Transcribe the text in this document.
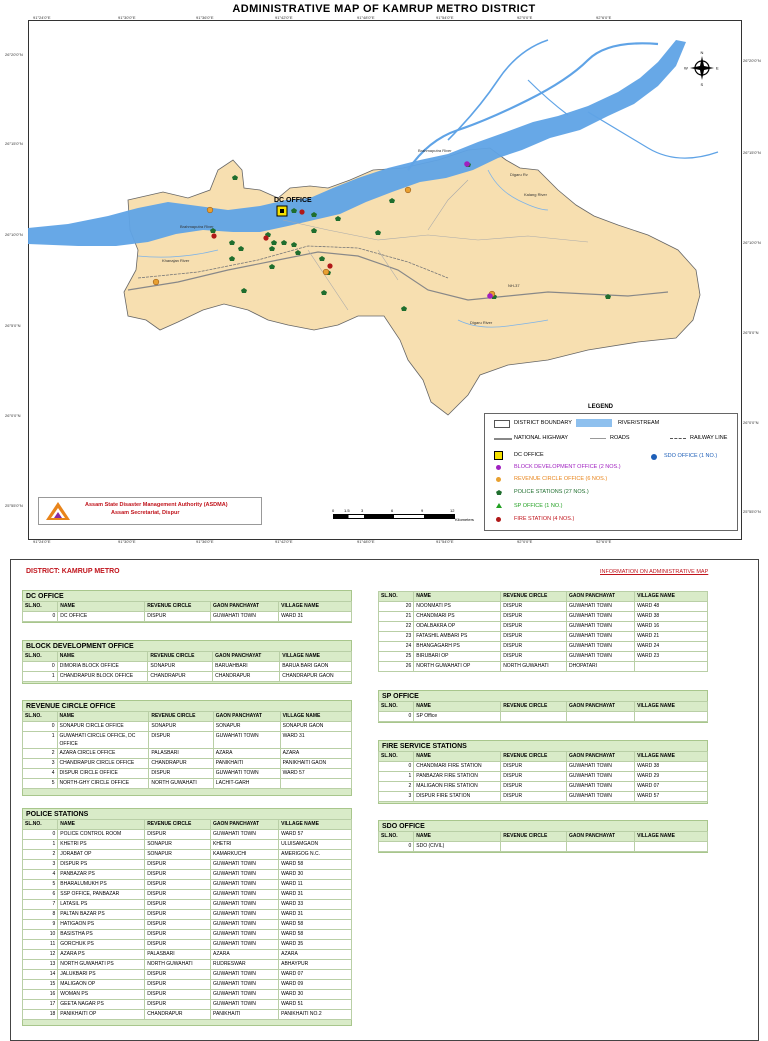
ADMINISTRATIVE MAP OF KAMRUP METRO DISTRICT
91°24'0"E	91°30'0"E	91°36'0"E	91°42'0"E	91°48'0"E	91°54'0"E	92°0'0"E	92°6'0"E
91°24'0"E	91°30'0"E	91°36'0"E	91°42'0"E	91°48'0"E	91°54'0"E	92°0'0"E	92°6'0"E
26°20'0"N
26°15'0"N
26°10'0"N
26°5'0"N
26°0'0"N
25°55'0"N
26°20'0"N
26°15'0"N
26°10'0"N
26°5'0"N
26°0'0"N
25°55'0"N
Brahmaputra River
Brahmaputra River
Digaru Rv
Kalang River
Khanajan River
Digaru River
NH-37
DC OFFICE
N
E
S
W
LEGEND
DISTRICT BOUNDARY	RIVER/STREAM
NATIONAL HIGHWAY	ROADS	RAILWAY LINE
DC OFFICE	SDO OFFICE (1 NO.)
BLOCK DEVELOPMENT OFFICE (2 NOS.)
REVENUE CIRCLE OFFICE (6 NOS.)
POLICE STATIONS (27 NOS.)
SP OFFICE (1 NO.)
FIRE STATION (4 NOS.)
Assam State Disaster Management Authority (ASDMA)
Assam Secretariat, Dispur	0 1.5	3	6	9	12
Kilometers
DISTRICT: KAMRUP METRO	INFORMATION ON ADMINISTRATIVE MAP
DC OFFICE
SL.NO.	NAME	REVENUE CIRCLE	GAON PANCHAYAT	VILLAGE NAME
0	DC OFFICE	DISPUR	GUWAHATI TOWN	WARD 31
BLOCK DEVELOPMENT OFFICE
SL.NO.	NAME	REVENUE CIRCLE	GAON PANCHAYAT	VILLAGE NAME
0	DIMORIA BLOCK OFFICE	SONAPUR	BARUAHBARI	BARUA BARI GAON
1	CHANDRAPUR BLOCK OFFICE	CHANDRAPUR	CHANDRAPUR	CHANDRAPUR GAON
REVENUE CIRCLE OFFICE
SL.NO.	NAME	REVENUE CIRCLE	GAON PANCHAYAT	VILLAGE NAME
0	SONAPUR CIRCLE OFFICE	SONAPUR	SONAPUR	SONAPUR GAON
1	GUWAHATI CIRCLE OFFICE, DC OFFICE	DISPUR	GUWAHATI TOWN	WARD 31
2	AZARA CIRCLE OFFICE	PALASBARI	AZARA	AZARA
3	CHANDRAPUR CIRCLE OFFICE	CHANDRAPUR	PANIKHAITI	PANIKHAITI GAON
4	DISPUR CIRCLE OFFICE	DISPUR	GUWAHATI TOWN	WARD 57
5	NORTH-GHY CIRCLE OFFICE	NORTH GUWAHATI	LACHIT-GARH	
POLICE STATIONS
SL.NO.	NAME	REVENUE CIRCLE	GAON PANCHAYAT	VILLAGE NAME
0	POLICE CONTROL ROOM	DISPUR	GUWAHATI TOWN	WARD 57
1	KHETRI PS	SONAPUR	KHETRI	ULUISAMGAON
2	JORABAT OP	SONAPUR	KAMARKUCHI	AMERIGOG N.C.
3	DISPUR PS	DISPUR	GUWAHATI TOWN	WARD 58
4	PANBAZAR PS	DISPUR	GUWAHATI TOWN	WARD 30
5	BHARALUMUKH PS	DISPUR	GUWAHATI TOWN	WARD 11
6	SSP OFFICE, PANBAZAR	DISPUR	GUWAHATI TOWN	WARD 31
7	LATASIL PS	DISPUR	GUWAHATI TOWN	WARD 33
8	PALTAN BAZAR PS	DISPUR	GUWAHATI TOWN	WARD 31
9	HATIGAON PS	DISPUR	GUWAHATI TOWN	WARD 58
10	BASISTHA PS	DISPUR	GUWAHATI TOWN	WARD 58
11	GORCHUK PS	DISPUR	GUWAHATI TOWN	WARD 35
12	AZARA PS	PALASBARI	AZARA	AZARA
13	NORTH GUWAHATI PS	NORTH GUWAHATI	RUDRESWAR	ABHAYPUR
14	JALUKBARI PS	DISPUR	GUWAHATI TOWN	WARD 07
15	MALIGAON OP	DISPUR	GUWAHATI TOWN	WARD 09
16	WOMAN PS	DISPUR	GUWAHATI TOWN	WARD 30
17	GEETA NAGAR PS	DISPUR	GUWAHATI TOWN	WARD 51
18	PANIKHAITI OP	CHANDRAPUR	PANIKHAITI	PANIKHAITI NO.2
SL.NO.	NAME	REVENUE CIRCLE	GAON PANCHAYAT	VILLAGE NAME
20	NOONMATI PS	DISPUR	GUWAHATI TOWN	WARD 48
21	CHANDMARI PS	DISPUR	GUWAHATI TOWN	WARD 38
22	ODALBAKRA OP	DISPUR	GUWAHATI TOWN	WARD 16
23	FATASHIL AMBARI PS	DISPUR	GUWAHATI TOWN	WARD 21
24	BHANGAGARH PS	DISPUR	GUWAHATI TOWN	WARD 24
25	BIRUBARI OP	DISPUR	GUWAHATI TOWN	WARD 23
26	NORTH GUWAHATI OP	NORTH GUWAHATI	DHOPATARI	
SP OFFICE
SL.NO.	NAME	REVENUE CIRCLE	GAON PANCHAYAT	VILLAGE NAME
0	SP Office			
FIRE SERVICE STATIONS
SL.NO.	NAME	REVENUE CIRCLE	GAON PANCHAYAT	VILLAGE NAME
0	CHANDMARI FIRE STATION	DISPUR	GUWAHATI TOWN	WARD 38
1	PANBAZAR FIRE STATION	DISPUR	GUWAHATI TOWN	WARD 29
2	MALIGAON FIRE STATION	DISPUR	GUWAHATI TOWN	WARD 07
3	DISPUR FIRE STATION	DISPUR	GUWAHATI TOWN	WARD 57
SDO OFFICE
SL.NO.	NAME	REVENUE CIRCLE	GAON PANCHAYAT	VILLAGE NAME
0	SDO (CIVIL)			
